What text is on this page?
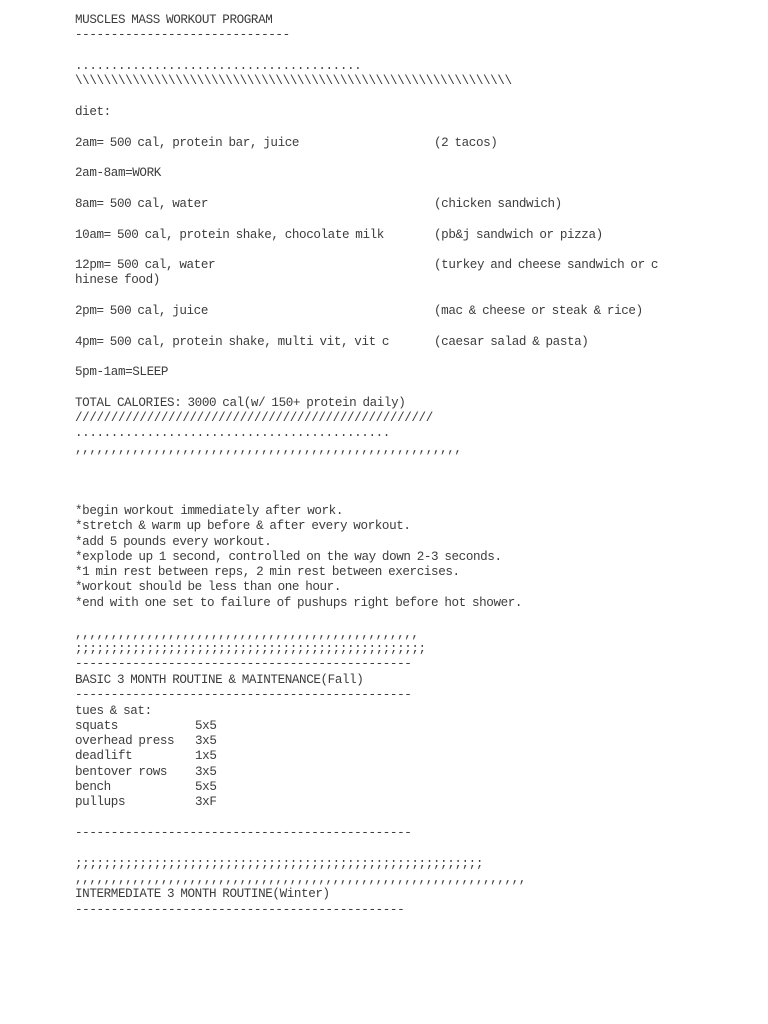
MUSCLES MASS WORKOUT PROGRAM
------------------------------
........................................
\\\\\\\\\\\\\\\\\\\\\\\\\\\\\\\\\\\\\\\\\\\\\\\\\\\\\\\\\\\\\
diet:
2am= 500 cal, protein bar, juice	(2 tacos)
2am-8am=WORK
8am= 500 cal, water	(chicken sandwich)
10am= 500 cal, protein shake, chocolate milk	(pb&j sandwich or pizza)
12pm= 500 cal, water	(turkey and cheese sandwich or c
hinese food)
2pm= 500 cal, juice	(mac & cheese or steak & rice)
4pm= 500 cal, protein shake, multi vit, vit c	(caesar salad & pasta)
5pm-1am=SLEEP
TOTAL CALORIES: 3000 cal(w/ 150+ protein daily)
//////////////////////////////////////////////////
............................................
,,,,,,,,,,,,,,,,,,,,,,,,,,,,,,,,,,,,,,,,,,,,,,,,,,,,,,
*begin workout immediately after work.
*stretch & warm up before & after every workout.
*add 5 pounds every workout.
*explode up 1 second, controlled on the way down 2-3 seconds.
*1 min rest between reps, 2 min rest between exercises.
*workout should be less than one hour.
*end with one set to failure of pushups right before hot shower.
,,,,,,,,,,,,,,,,,,,,,,,,,,,,,,,,,,,,,,,,,,,,,,,,
;;;;;;;;;;;;;;;;;;;;;;;;;;;;;;;;;;;;;;;;;;;;;;;;;
-----------------------------------------------
BASIC 3 MONTH ROUTINE & MAINTENANCE(Fall)
-----------------------------------------------
tues & sat:
squats	5x5
overhead press 3x5
deadlift	1x5
bentover rows 3x5
bench	5x5
pullups	3xF
-----------------------------------------------
;;;;;;;;;;;;;;;;;;;;;;;;;;;;;;;;;;;;;;;;;;;;;;;;;;;;;;;;;
,,,,,,,,,,,,,,,,,,,,,,,,,,,,,,,,,,,,,,,,,,,,,,,,,,,,,,,,,,,,,,,
INTERMEDIATE 3 MONTH ROUTINE(Winter)
----------------------------------------------
